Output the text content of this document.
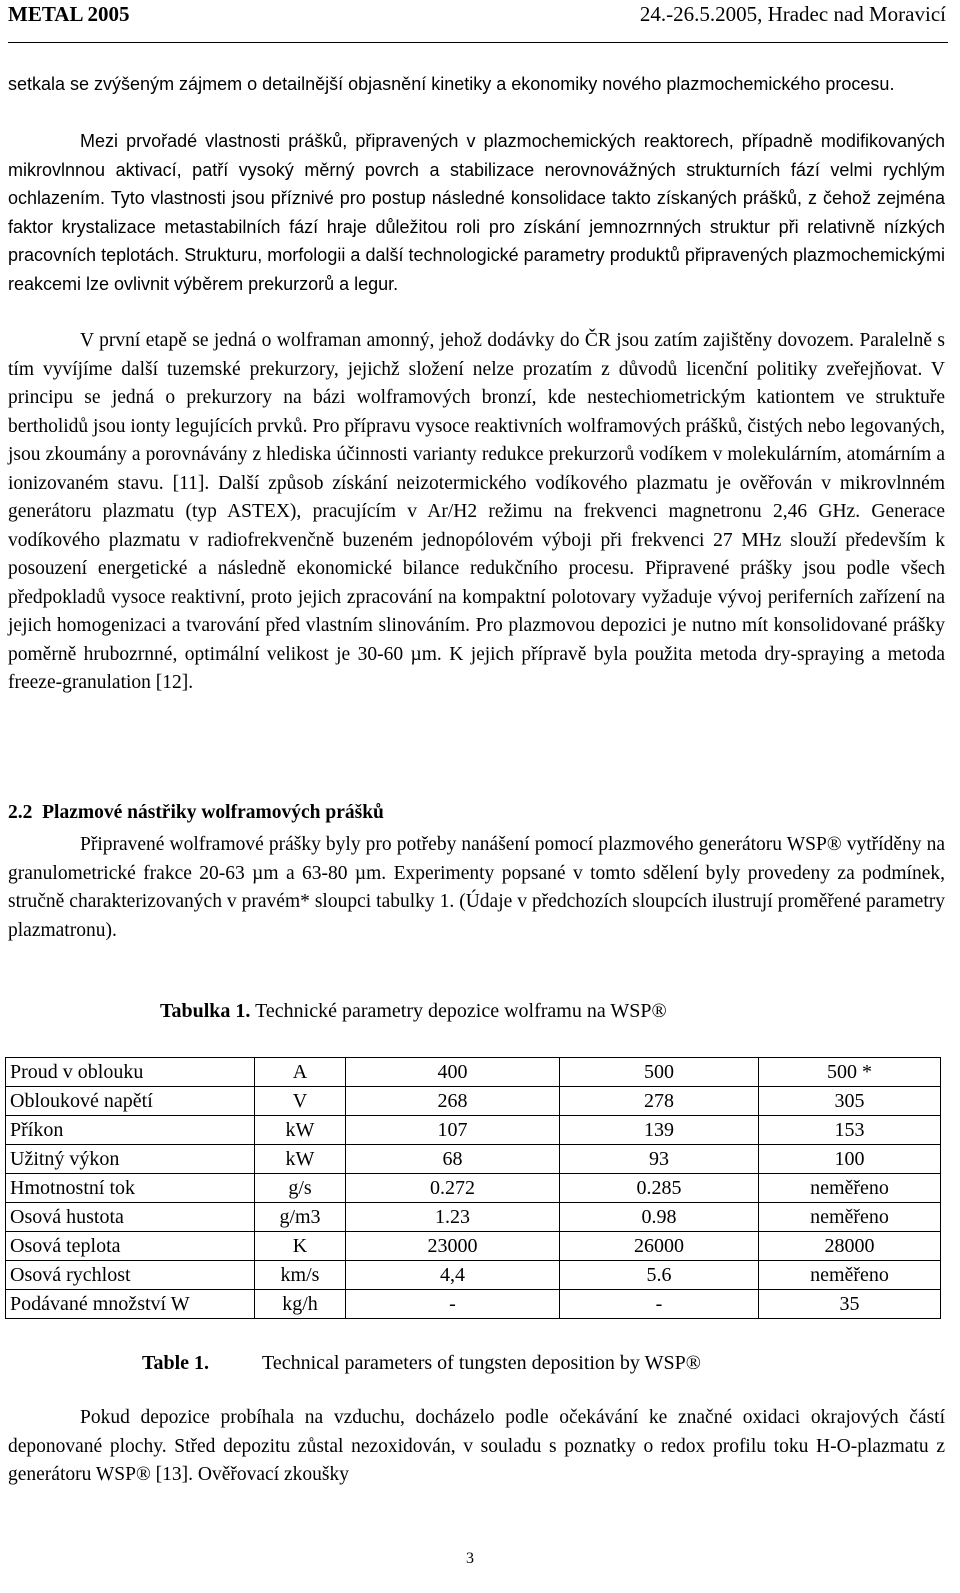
METAL 2005	24.-26.5.2005, Hradec nad Moravicí

setkala se zvýšeným zájmem o detailnější objasnění kinetiky a ekonomiky nového plazmochemického procesu.

Mezi prvořadé vlastnosti prášků, připravených v plazmochemických reaktorech, případně modifikovaných mikrovlnnou aktivací, patří vysoký měrný povrch a stabilizace nerovnovážných strukturních fází velmi rychlým ochlazením. Tyto vlastnosti jsou příznivé pro postup následné konsolidace takto získaných prášků, z čehož zejména faktor krystalizace metastabilních fází hraje důležitou roli pro získání jemnozrnných struktur při relativně nízkých pracovních teplotách. Strukturu, morfologii a další technologické parametry produktů připravených plazmochemickými reakcemi lze ovlivnit výběrem prekurzorů a legur.

V první etapě se jedná o wolframan amonný, jehož dodávky do ČR jsou zatím zajištěny dovozem. Paralelně s tím vyvíjíme další tuzemské prekurzory, jejichž složení nelze prozatím z důvodů licenční politiky zveřejňovat. V principu se jedná o prekurzory na bázi wolframových bronzí, kde nestechiometrickým kationtem ve struktuře bertholidů jsou ionty legujících prvků. Pro přípravu vysoce reaktivních wolframových prášků, čistých nebo legovaných, jsou zkoumány a porovnávány z hlediska účinnosti varianty redukce prekurzorů vodíkem v molekulárním, atomárním a ionizovaném stavu. [11]. Další způsob získání neizotermického vodíkového plazmatu je ověřován v mikrovlnném generátoru plazmatu (typ ASTEX), pracujícím v Ar/H2 režimu na frekvenci magnetronu 2,46 GHz. Generace vodíkového plazmatu v radiofrekvenčně buzeném jednopólovém výboji při frekvenci 27 MHz slouží především k posouzení energetické a následně ekonomické bilance redukčního procesu. Připravené prášky jsou podle všech předpokladů vysoce reaktivní, proto jejich zpracování na kompaktní polotovary vyžaduje vývoj periferních zařízení na jejich homogenizaci a tvarování před vlastním slinováním. Pro plazmovou depozici je nutno mít konsolidované prášky poměrně hrubozrnné, optimální velikost je 30-60 µm. K jejich přípravě byla použita metoda dry-spraying a metoda freeze-granulation [12].

2.2 Plazmové nástřiky wolframových prášků

Připravené wolframové prášky byly pro potřeby nanášení pomocí plazmového generátoru WSP® vytříděny na granulometrické frakce 20-63 µm a 63-80 µm. Experimenty popsané v tomto sdělení byly provedeny za podmínek, stručně charakterizovaných v pravém* sloupci tabulky 1. (Údaje v předchozích sloupcích ilustrují proměřené parametry plazmatronu).

Tabulka 1. Technické parametry depozice wolframu na WSP®

Proud v oblouku	A	400	500	500 *
Obloukové napětí	V	268	278	305
Příkon	kW	107	139	153
Užitný výkon	kW	68	93	100
Hmotnostní tok	g/s	0.272	0.285	neměřeno
Osová hustota	g/m3	1.23	0.98	neměřeno
Osová teplota	K	23000	26000	28000
Osová rychlost	km/s	4,4	5.6	neměřeno
Podávané množství W	kg/h	-	-	35

Table 1.	Technical parameters of tungsten deposition by WSP®

Pokud depozice probíhala na vzduchu, docházelo podle očekávání ke značné oxidaci okrajových částí deponované plochy. Střed depozitu zůstal nezoxidován, v souladu s poznatky o redox profilu toku H-O-plazmatu z generátoru WSP® [13]. Ověřovací zkoušky

3
